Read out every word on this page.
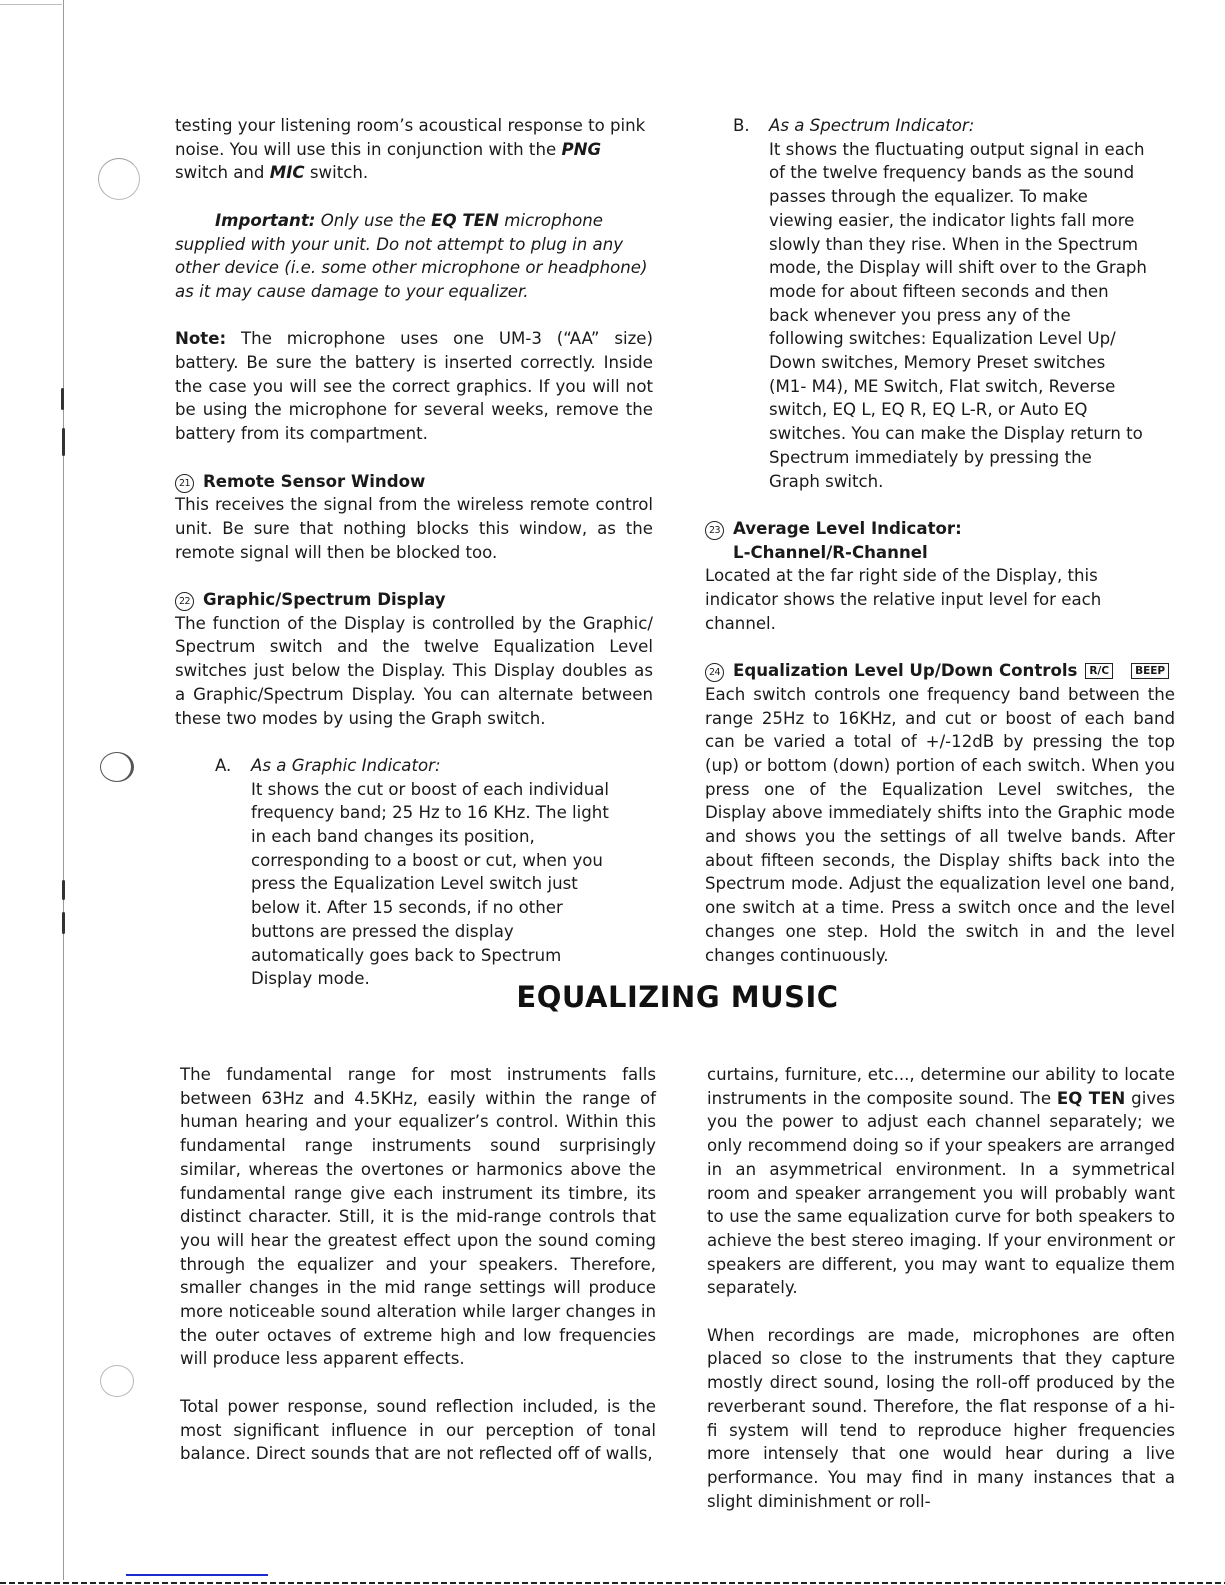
testing your listening room’s acoustical response to pink noise. You will use this in conjunction with the PNG switch and MIC switch.

Important: Only use the EQ TEN microphone supplied with your unit. Do not attempt to plug in any other device (i.e. some other microphone or headphone) as it may cause damage to your equalizer.

Note: The microphone uses one UM-3 (“AA” size) battery. Be sure the battery is inserted correctly. Inside the case you will see the correct graphics. If you will not be using the microphone for several weeks, remove the battery from its compartment.

21 Remote Sensor Window

This receives the signal from the wireless remote control unit. Be sure that nothing blocks this window, as the remote signal will then be blocked too.

22 Graphic/Spectrum Display

The function of the Display is controlled by the Graphic/ Spectrum switch and the twelve Equalization Level switches just below the Display. This Display doubles as a Graphic/Spectrum Display. You can alternate between these two modes by using the Graph switch.

A. As a Graphic Indicator:

It shows the cut or boost of each individual frequency band; 25 Hz to 16 KHz. The light in each band changes its position, corresponding to a boost or cut, when you press the Equalization Level switch just below it. After 15 seconds, if no other buttons are pressed the display automatically goes back to Spectrum Display mode.

B. As a Spectrum Indicator:

It shows the fluctuating output signal in each of the twelve frequency bands as the sound passes through the equalizer. To make viewing easier, the indicator lights fall more slowly than they rise. When in the Spectrum mode, the Display will shift over to the Graph mode for about fifteen seconds and then back whenever you press any of the following switches: Equalization Level Up/ Down switches, Memory Preset switches (M1- M4), ME Switch, Flat switch, Reverse switch, EQ L, EQ R, EQ L-R, or Auto EQ switches. You can make the Display return to Spectrum immediately by pressing the Graph switch.

23 Average Level Indicator:
L-Channel/R-Channel

Located at the far right side of the Display, this indicator shows the relative input level for each channel.

24 Equalization Level Up/Down Controls R/C BEEP

Each switch controls one frequency band between the range 25Hz to 16KHz, and cut or boost of each band can be varied a total of +/-12dB by pressing the top (up) or bottom (down) portion of each switch. When you press one of the Equalization Level switches, the Display above immediately shifts into the Graphic mode and shows you the settings of all twelve bands. After about fifteen seconds, the Display shifts back into the Spectrum mode. Adjust the equalization level one band, one switch at a time. Press a switch once and the level changes one step. Hold the switch in and the level changes continuously.

EQUALIZING MUSIC

The fundamental range for most instruments falls between 63Hz and 4.5KHz, easily within the range of human hearing and your equalizer’s control. Within this fundamental range instruments sound surprisingly similar, whereas the overtones or harmonics above the fundamental range give each instrument its timbre, its distinct character. Still, it is the mid-range controls that you will hear the greatest effect upon the sound coming through the equalizer and your speakers. Therefore, smaller changes in the mid range settings will produce more noticeable sound alteration while larger changes in the outer octaves of extreme high and low frequencies will produce less apparent effects.

Total power response, sound reflection included, is the most significant influence in our perception of tonal balance. Direct sounds that are not reflected off of walls,

curtains, furniture, etc..., determine our ability to locate instruments in the composite sound. The EQ TEN gives you the power to adjust each channel separately; we only recommend doing so if your speakers are arranged in an asymmetrical environment. In a symmetrical room and speaker arrangement you will probably want to use the same equalization curve for both speakers to achieve the best stereo imaging. If your environment or speakers are different, you may want to equalize them separately.

When recordings are made, microphones are often placed so close to the instruments that they capture mostly direct sound, losing the roll-off produced by the reverberant sound. Therefore, the flat response of a hi-fi system will tend to reproduce higher frequencies more intensely that one would hear during a live performance. You may find in many instances that a slight diminishment or roll-
